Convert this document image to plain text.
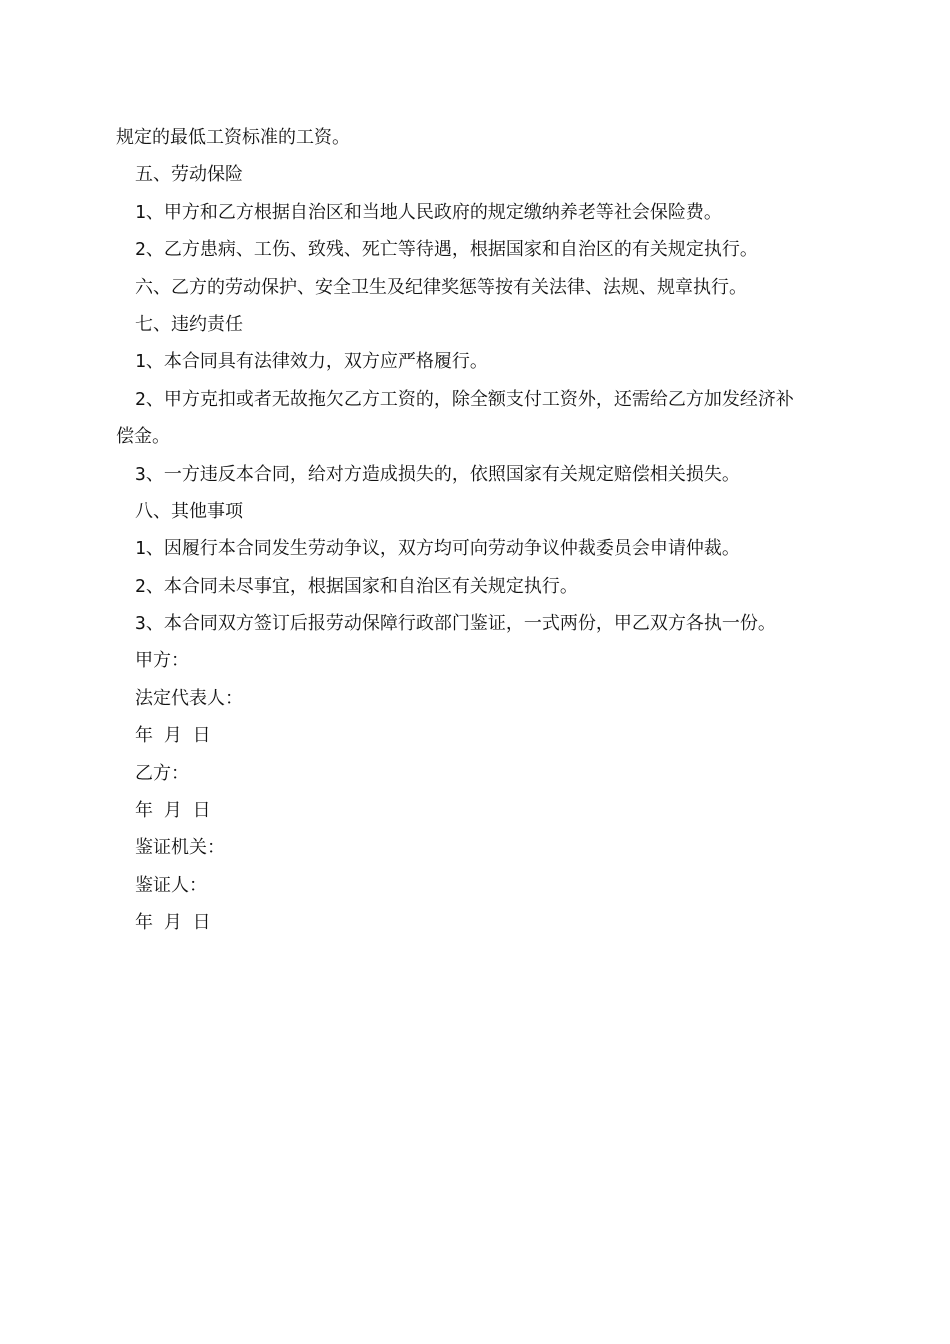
规定的最低工资标准的工资。

五、劳动保险

1、甲方和乙方根据自治区和当地人民政府的规定缴纳养老等社会保险费。

2、乙方患病、工伤、致残、死亡等待遇，根据国家和自治区的有关规定执行。

六、乙方的劳动保护、安全卫生及纪律奖惩等按有关法律、法规、规章执行。

七、违约责任

1、本合同具有法律效力，双方应严格履行。

2、甲方克扣或者无故拖欠乙方工资的，除全额支付工资外，还需给乙方加发经济补

偿金。

3、一方违反本合同，给对方造成损失的，依照国家有关规定赔偿相关损失。

八、其他事项

1、因履行本合同发生劳动争议，双方均可向劳动争议仲裁委员会申请仲裁。

2、本合同未尽事宜，根据国家和自治区有关规定执行。

3、本合同双方签订后报劳动保障行政部门鉴证，一式两份，甲乙双方各执一份。

甲方：

法定代表人：

年 月 日

乙方：

年 月 日

鉴证机关：

鉴证人：

年 月 日
